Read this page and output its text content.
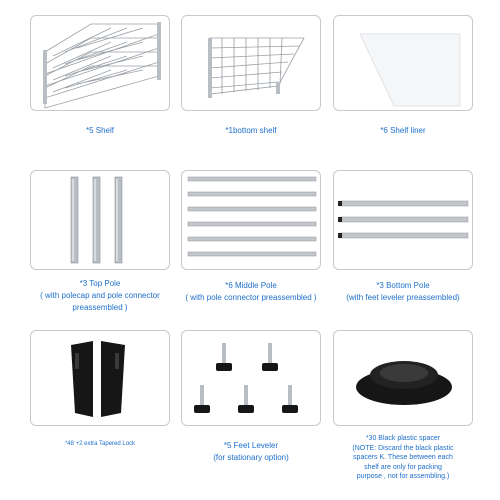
*5 Shelf	*1bottom shelf	*6 Shelf liner
*3 Top Pole
( with polecap and pole connector
preassembled )
*6 Middle Pole
( with pole connector preassembled )
*3 Bottom Pole
(with feet leveler preassembled)
*48 +2 extra Tapered Lock	*5 Feet Leveler
(for stationary option)
*30 Black plastic spacer
(NOTE: Discard the black plastic
spacers K. These between each
shelf are only for packing
purpose , not for assembling.)
